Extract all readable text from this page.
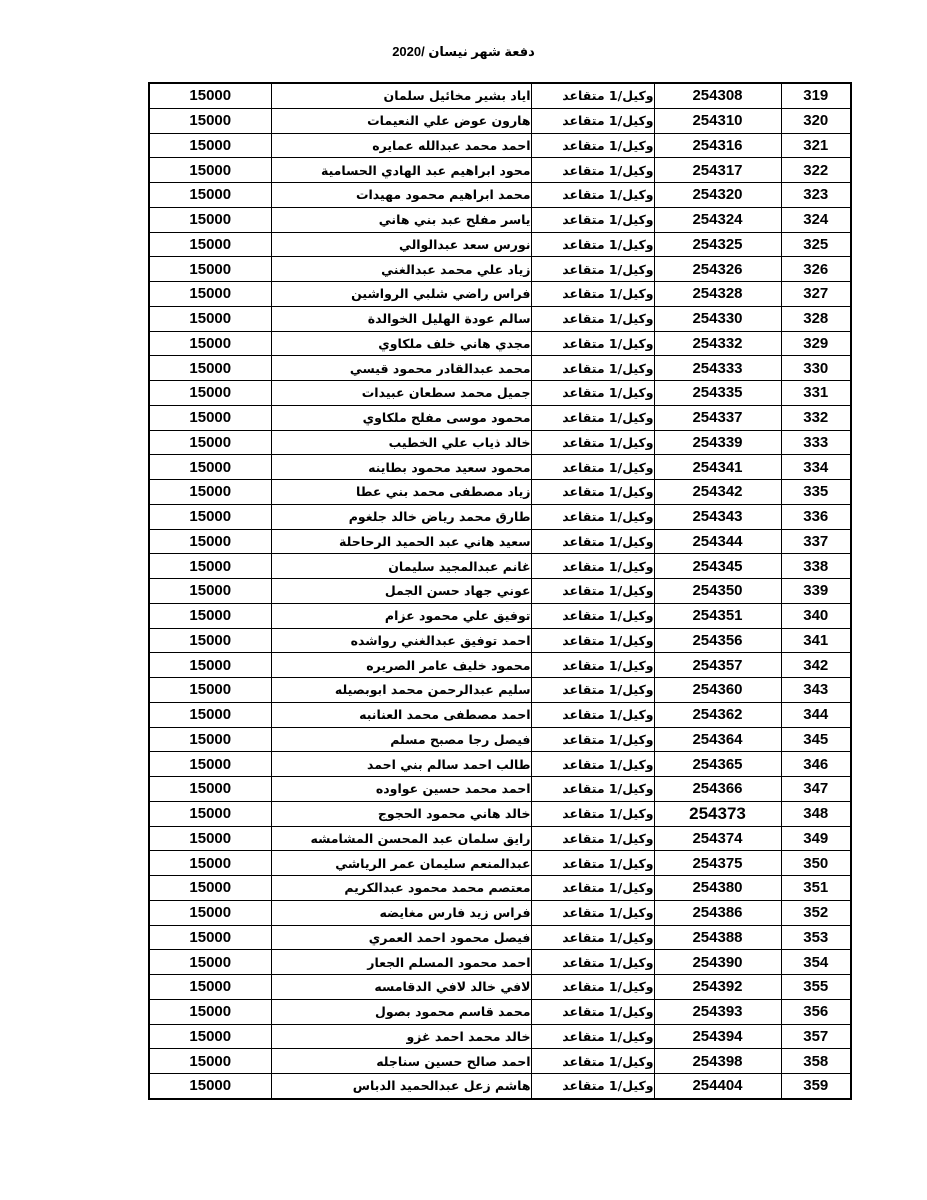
دفعة شهر نيسان /2020
319	254308	وكيل/1 متقاعد	اياد بشير مخائيل سلمان	15000
320	254310	وكيل/1 متقاعد	هارون عوض علي النعيمات	15000
321	254316	وكيل/1 متقاعد	احمد محمد عبدالله عمايره	15000
322	254317	وكيل/1 متقاعد	محود ابراهيم عبد الهادي الحسامية	15000
323	254320	وكيل/1 متقاعد	محمد ابراهيم محمود مهيدات	15000
324	254324	وكيل/1 متقاعد	ياسر مفلح عبد بني هاني	15000
325	254325	وكيل/1 متقاعد	نورس سعد عبدالوالي	15000
326	254326	وكيل/1 متقاعد	زياد علي محمد عبدالغني	15000
327	254328	وكيل/1 متقاعد	فراس راضي شلبي الرواشين	15000
328	254330	وكيل/1 متقاعد	سالم عودة الهليل الخوالدة	15000
329	254332	وكيل/1 متقاعد	مجدي هاني خلف ملكاوي	15000
330	254333	وكيل/1 متقاعد	محمد عبدالقادر محمود قيسي	15000
331	254335	وكيل/1 متقاعد	جميل محمد سطعان عبيدات	15000
332	254337	وكيل/1 متقاعد	محمود موسى مفلح ملكاوي	15000
333	254339	وكيل/1 متقاعد	خالد ذياب علي الخطيب	15000
334	254341	وكيل/1 متقاعد	محمود سعيد محمود بطاينه	15000
335	254342	وكيل/1 متقاعد	زياد مصطفى محمد بني عطا	15000
336	254343	وكيل/1 متقاعد	طارق محمد رياض خالد جلغوم	15000
337	254344	وكيل/1 متقاعد	سعيد هاني عبد الحميد الرحاحلة	15000
338	254345	وكيل/1 متقاعد	غانم عبدالمجيد سليمان	15000
339	254350	وكيل/1 متقاعد	عوني جهاد حسن الجمل	15000
340	254351	وكيل/1 متقاعد	توفيق علي محمود عزام	15000
341	254356	وكيل/1 متقاعد	احمد توفيق عبدالغني رواشده	15000
342	254357	وكيل/1 متقاعد	محمود خليف عامر الصريره	15000
343	254360	وكيل/1 متقاعد	سليم عبدالرحمن محمد ابوبصيله	15000
344	254362	وكيل/1 متقاعد	احمد مصطفى محمد العنانبه	15000
345	254364	وكيل/1 متقاعد	فيصل رجا مصبح مسلم	15000
346	254365	وكيل/1 متقاعد	طالب احمد سالم بني احمد	15000
347	254366	وكيل/1 متقاعد	احمد محمد حسين عواوده	15000
348	254373	وكيل/1 متقاعد	خالد هاني محمود الحجوج	15000
349	254374	وكيل/1 متقاعد	رايق سلمان عبد المحسن المشامشه	15000
350	254375	وكيل/1 متقاعد	عبدالمنعم سليمان عمر الرياشي	15000
351	254380	وكيل/1 متقاعد	معتصم محمد محمود عبدالكريم	15000
352	254386	وكيل/1 متقاعد	فراس زيد فارس مغايضه	15000
353	254388	وكيل/1 متقاعد	فيصل محمود احمد العمري	15000
354	254390	وكيل/1 متقاعد	احمد محمود المسلم الجعار	15000
355	254392	وكيل/1 متقاعد	لافي خالد لافي الدقامسه	15000
356	254393	وكيل/1 متقاعد	محمد قاسم محمود بصول	15000
357	254394	وكيل/1 متقاعد	خالد محمد احمد غزو	15000
358	254398	وكيل/1 متقاعد	احمد صالح حسين سناجله	15000
359	254404	وكيل/1 متقاعد	هاشم زعل عبدالحميد الدباس	15000
